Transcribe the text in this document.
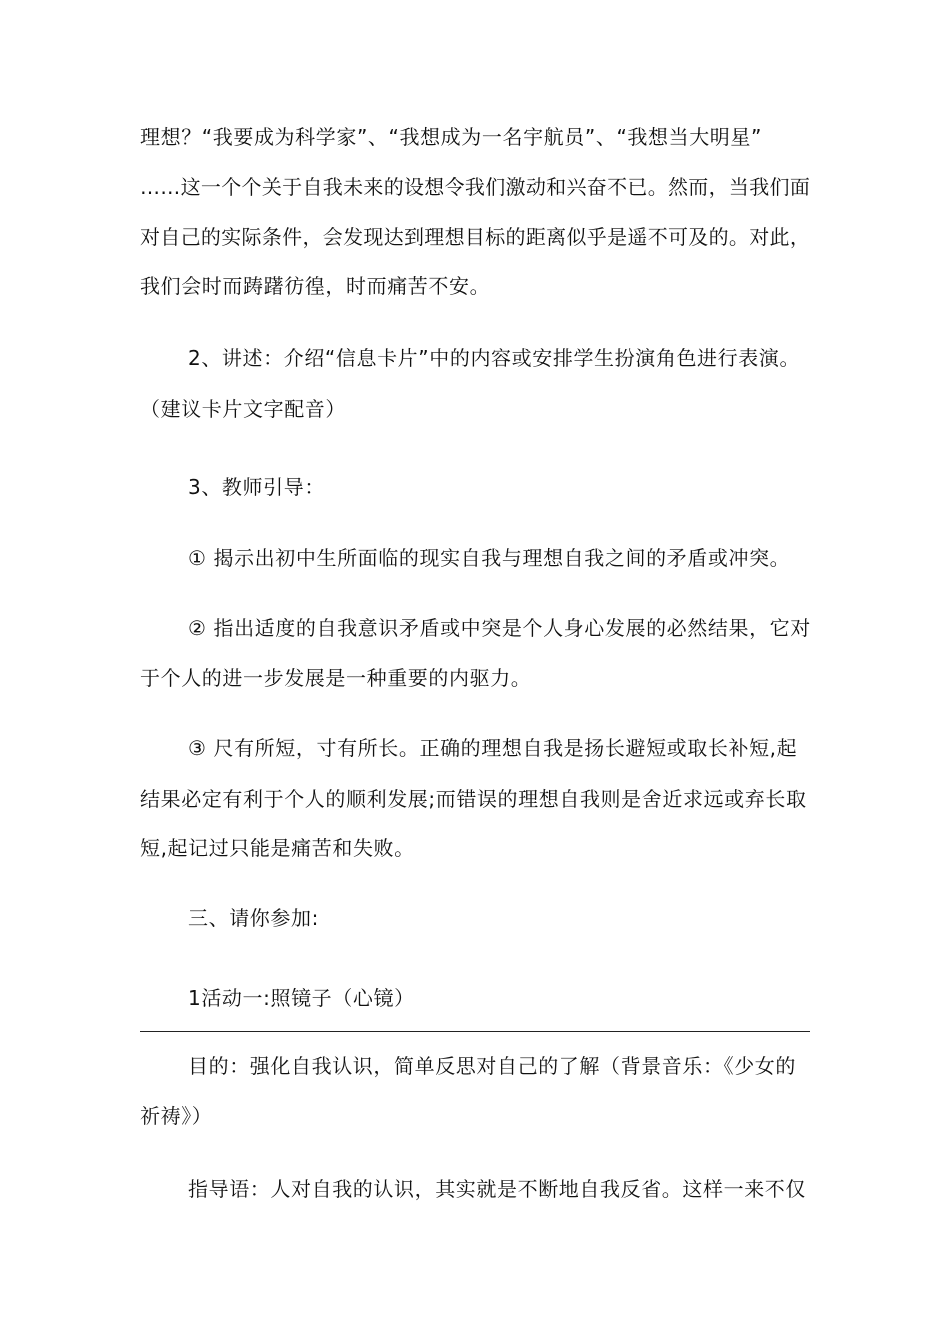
理想？“我要成为科学家”、“我想成为一名宇航员”、“我想当大明星”
……这一个个关于自我未来的设想令我们激动和兴奋不已。然而，当我们面
对自己的实际条件，会发现达到理想目标的距离似乎是遥不可及的。对此，
我们会时而踌躇彷徨，时而痛苦不安。
2、讲述：介绍“信息卡片”中的内容或安排学生扮演角色进行表演。
（建议卡片文字配音）
3、教师引导：
① 揭示出初中生所面临的现实自我与理想自我之间的矛盾或冲突。
② 指出适度的自我意识矛盾或中突是个人身心发展的必然结果，它对
于个人的进一步发展是一种重要的内驱力。
③ 尺有所短，寸有所长。正确的理想自我是扬长避短或取长补短,起
结果必定有利于个人的顺利发展;而错误的理想自我则是舍近求远或弃长取
短,起记过只能是痛苦和失败。
三、请你参加:
1活动一:照镜子（心镜）
目的：强化自我认识，简单反思对自己的了解（背景音乐：《少女的
祈祷》）
指导语：人对自我的认识，其实就是不断地自我反省。这样一来不仅
